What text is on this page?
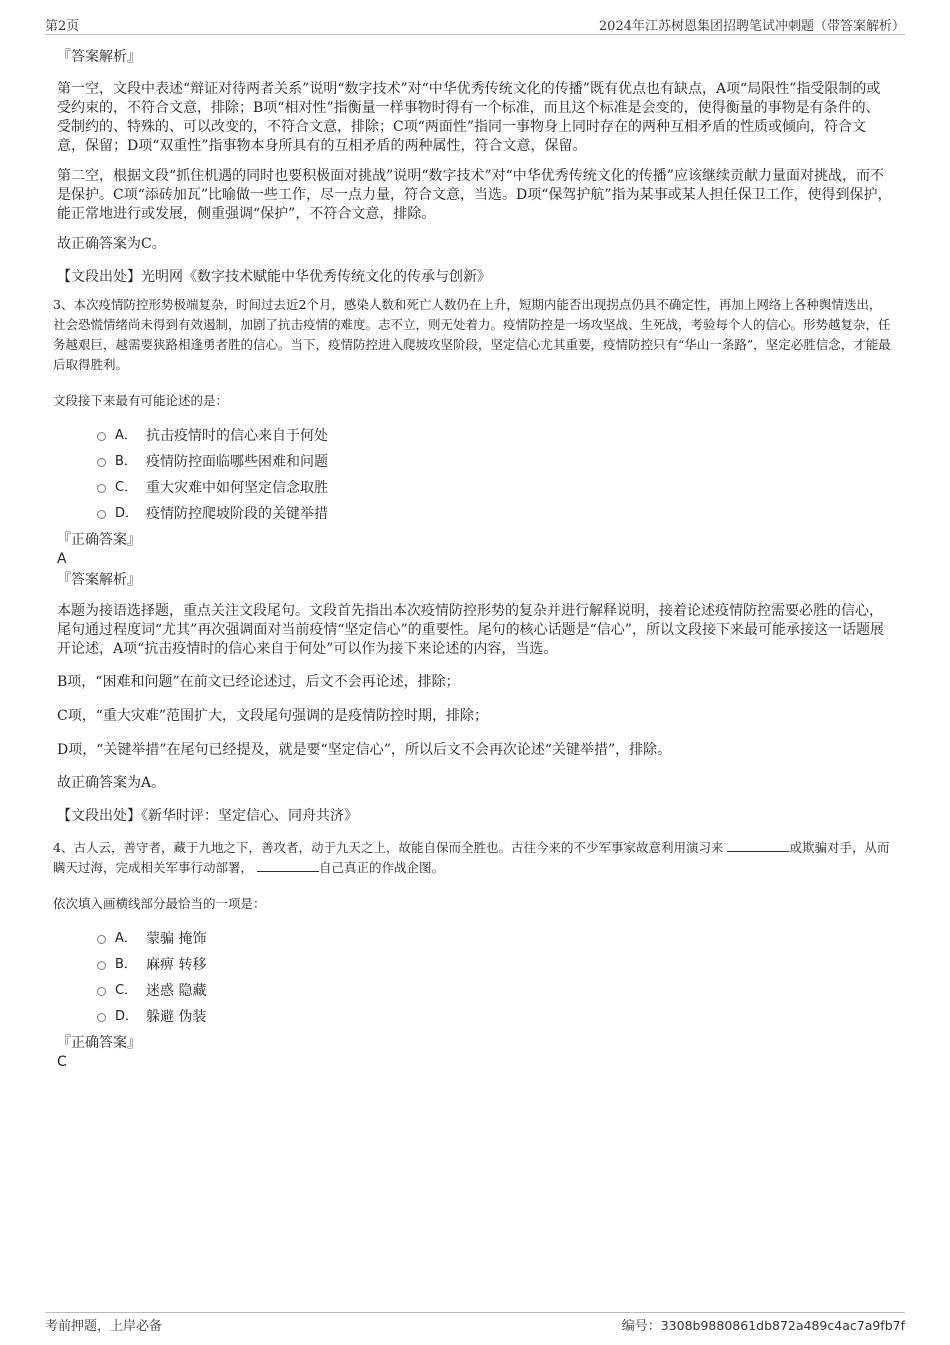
第2页	2024年江苏树恩集团招聘笔试冲刺题（带答案解析）

『答案解析』

第一空，文段中表述“辩证对待两者关系”说明“数字技术”对“中华优秀传统文化的传播”既有优点也有缺点，A项“局限性”指受限制的或受约束的，不符合文意，排除；B项“相对性”指衡量一样事物时得有一个标准，而且这个标准是会变的，使得衡量的事物是有条件的、受制约的、特殊的、可以改变的，不符合文意，排除；C项“两面性”指同一事物身上同时存在的两种互相矛盾的性质或倾向，符合文意，保留；D项“双重性”指事物本身所具有的互相矛盾的两种属性，符合文意，保留。

第二空，根据文段“抓住机遇的同时也要积极面对挑战”说明“数字技术”对“中华优秀传统文化的传播”应该继续贡献力量面对挑战，而不是保护。C项“添砖加瓦”比喻做一些工作，尽一点力量，符合文意，当选。D项“保驾护航”指为某事或某人担任保卫工作，使得到保护，能正常地进行或发展，侧重强调“保护”，不符合文意，排除。

故正确答案为C。

【文段出处】光明网《数字技术赋能中华优秀传统文化的传承与创新》

3、本次疫情防控形势极端复杂，时间过去近2个月，感染人数和死亡人数仍在上升，短期内能否出现拐点仍具不确定性，再加上网络上各种舆情迭出，社会恐慌情绪尚未得到有效遏制，加剧了抗击疫情的难度。志不立，则无处着力。疫情防控是一场攻坚战、生死战，考验每个人的信心。形势越复杂，任务越艰巨，越需要狭路相逢勇者胜的信心。当下，疫情防控进入爬坡攻坚阶段，坚定信心尤其重要，疫情防控只有“华山一条路”，坚定必胜信念，才能最后取得胜利。

文段接下来最有可能论述的是：

A． 抗击疫情时的信心来自于何处
B． 疫情防控面临哪些困难和问题
C． 重大灾难中如何坚定信念取胜
D． 疫情防控爬坡阶段的关键举措

『正确答案』

A

『答案解析』

本题为接语选择题，重点关注文段尾句。文段首先指出本次疫情防控形势的复杂并进行解释说明，接着论述疫情防控需要必胜的信心，尾句通过程度词“尤其”再次强调面对当前疫情“坚定信心”的重要性。尾句的核心话题是“信心”，所以文段接下来最可能承接这一话题展开论述，A项“抗击疫情时的信心来自于何处”可以作为接下来论述的内容，当选。

B项，“困难和问题”在前文已经论述过，后文不会再论述，排除；

C项，“重大灾难”范围扩大，文段尾句强调的是疫情防控时期，排除；

D项，“关键举措”在尾句已经提及，就是要“坚定信心”，所以后文不会再次论述“关键举措”，排除。

故正确答案为A。

【文段出处】《新华时评：坚定信心、同舟共济》

4、古人云，善守者，藏于九地之下，善攻者，动于九天之上，故能自保而全胜也。古往今来的不少军事家故意利用演习来	或欺骗对手，从而瞒天过海，完成相关军事行动部署，	自己真正的作战企图。

依次填入画横线部分最恰当的一项是：

A． 蒙骗 掩饰
B． 麻痹 转移
C． 迷惑 隐藏
D． 躲避 伪装

『正确答案』

C

考前押题，上岸必备	编号：3308b9880861db872a489c4ac7a9fb7f
